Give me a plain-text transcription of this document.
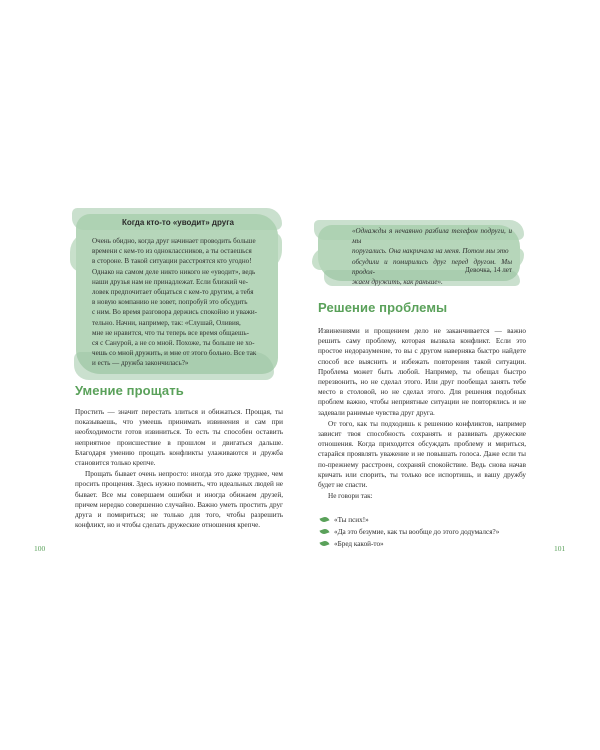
Когда кто-то «уводит» друга
Очень обидно, когда друг начинает проводить больше
времени с кем-то из одноклассников, а ты остаешься
в стороне. В такой ситуации расстроятся кто угодно!
Однако на самом деле никто никого не «уводит», ведь
наши друзья нам не принадлежат. Если близкий че-
ловек предпочитает общаться с кем-то другим, а тебя
в новую компанию не зовет, попробуй это обсудить
с ним. Во время разговора держись спокойно и уважи-
тельно. Начни, например, так: «Слушай, Оливия,
мне не нравится, что ты теперь все время общаешь-
ся с Санурой, а не со мной. Похоже, ты больше не хо-
чешь со мной дружить, и мне от этого больно. Все так
и есть — дружба закончилась?»
Умение прощать

Простить — значит перестать злиться и обижаться. Прощая, ты показываешь, что умеешь принимать извинения и сам при необходимости готов извиниться. То есть ты способен оставить неприятное происшествие в прошлом и двигаться дальше. Благодаря умению прощать конфликты улаживаются и дружба становится только крепче.

Прощать бывает очень непросто: иногда это даже труднее, чем просить прощения. Здесь нужно помнить, что идеальных людей не бывает. Все мы совершаем ошибки и иногда обижаем друзей, причем нередко совершенно случайно. Важно уметь простить друг друга и помириться; не только для того, чтобы разрешить конфликт, но и чтобы сделать дружеские отношения крепче.

100
«Однажды я нечаянно разбила телефон подруги, и мы
поругались. Она накричала на меня. Потом мы это
обсудили и помирились друг перед другом. Мы продол-
жаем дружить, как раньше».
Девочка, 14 лет
Решение проблемы

Извинениями и прощением дело не заканчивается — важно решить саму проблему, которая вызвала конфликт. Если это простое недоразумение, то вы с другом наверняка быстро найдете способ все выяснить и избежать повторения такой ситуации. Проблема может быть любой. Например, ты обещал быстро перезвонить, но не сделал этого. Или друг пообещал занять тебе место в столовой, но не сделал этого. Для решения подобных проблем важно, чтобы неприятные ситуации не повторялись и не задевали ранимые чувства друг друга.

От того, как ты подходишь к решению конфликтов, например зависит твоя способность сохранять и развивать дружеские отношения. Когда приходится обсуждать проблему и мириться, старайся проявлять уважение и не повышать голоса. Даже если ты по-прежнему расстроен, сохраняй спокойствие. Ведь снова начав кричать или спорить, ты только все испортишь, и вашу дружбу будет не спасти.

Не говори так:

«Ты псих!»
«Да это безумие, как ты вообще до этого додумался?»
«Бред какой-то»	101
